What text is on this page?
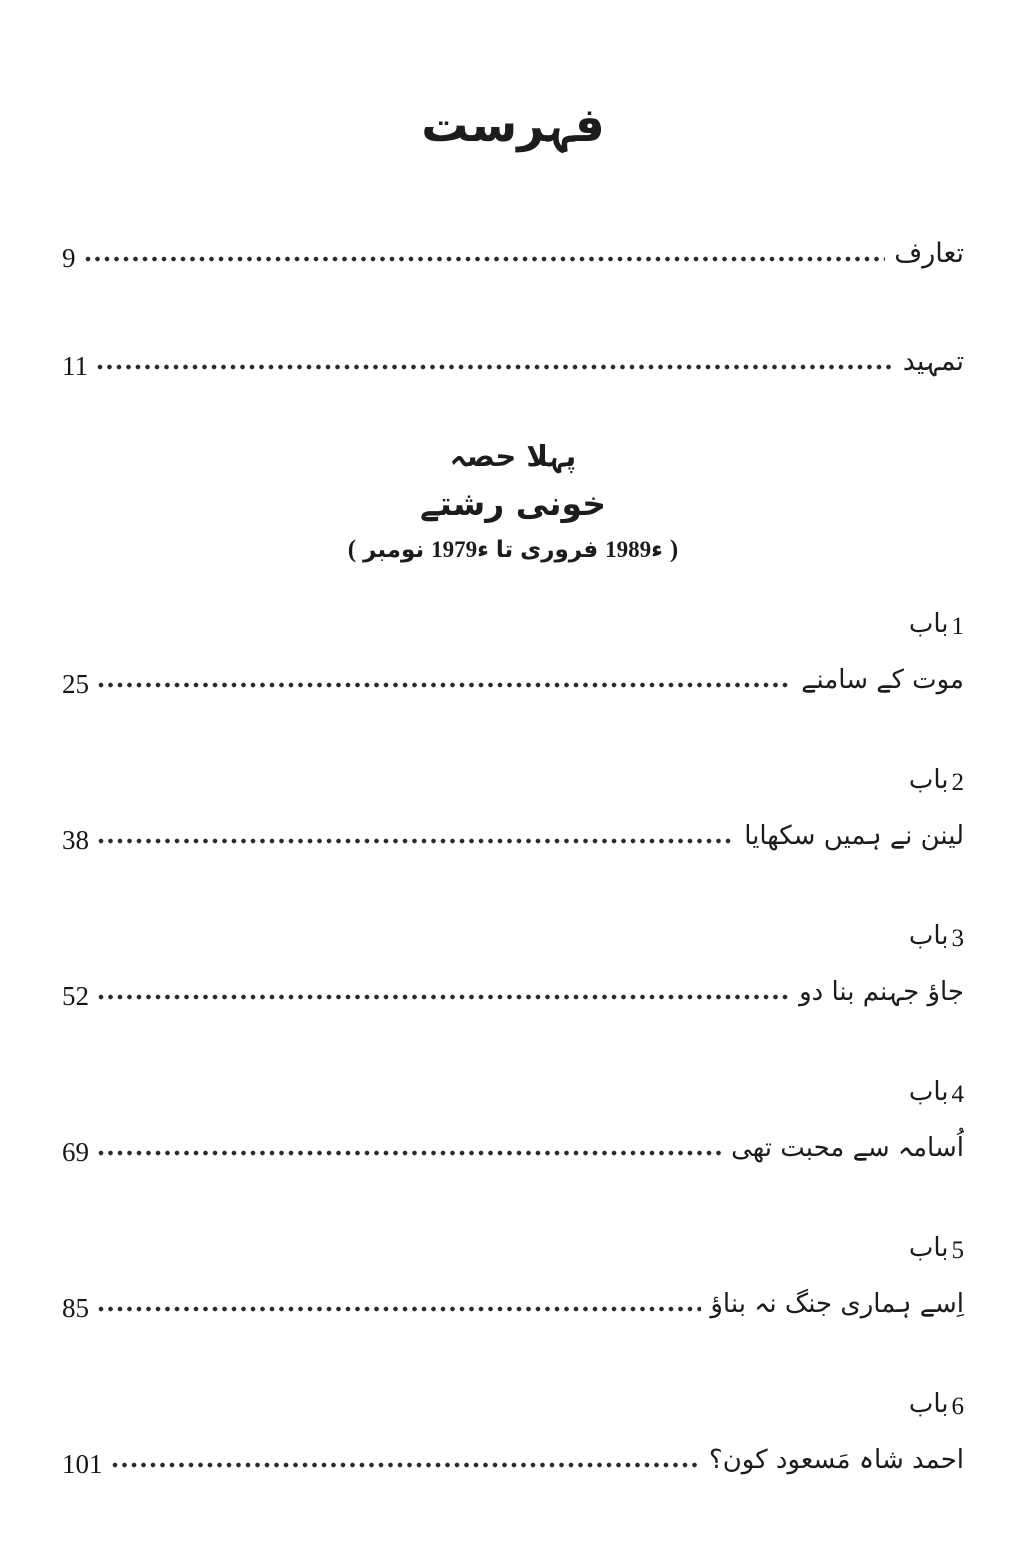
فہرست
تعارف
9
تمہید
11
پہلا حصہ
خونی رشتے
( نومبر 1979ء تا فروری 1989ء )
باب 1
موت کے سامنے
25
باب 2
لینن نے ہمیں سکھایا
38
باب 3
جاؤ جہنم بنا دو
52
باب 4
اُسامہ سے محبت تھی
69
باب 5
اِسے ہماری جنگ نہ بناؤ
85
باب 6
احمد شاہ مَسعود کون؟
101
